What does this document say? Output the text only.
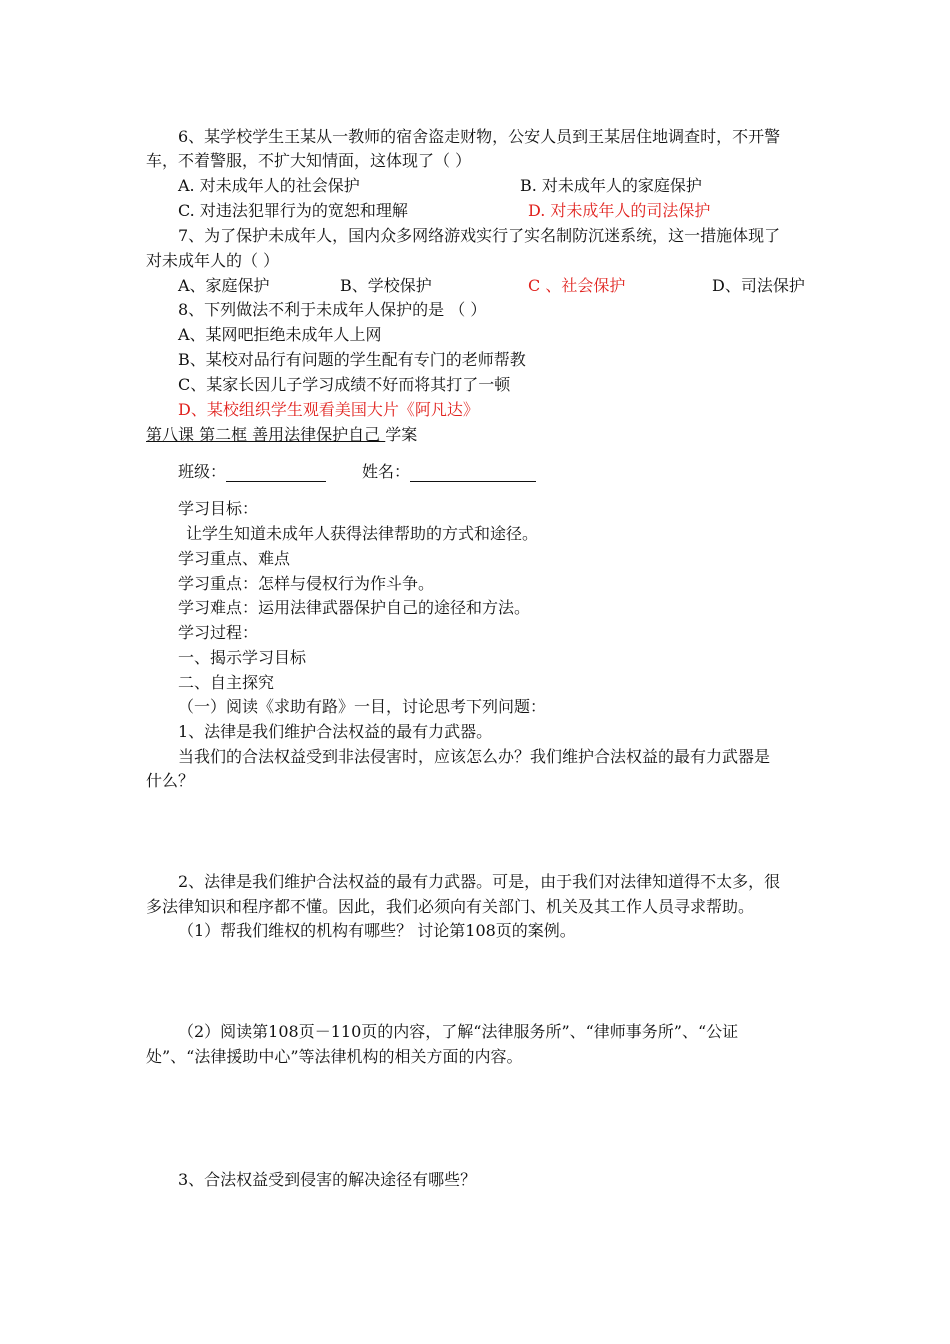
6、某学校学生王某从一教师的宿舍盗走财物，公安人员到王某居住地调查时，不开警
车，不着警服，不扩大知情面，这体现了（ ）
A. 对未成年人的社会保护	B. 对未成年人的家庭保护
C. 对违法犯罪行为的宽恕和理解	D. 对未成年人的司法保护
7、为了保护未成年人，国内众多网络游戏实行了实名制防沉迷系统，这一措施体现了
对未成年人的（ ）
A、家庭保护	B、学校保护	C 、社会保护	D、司法保护
8、下列做法不利于未成年人保护的是 （ ）
A、某网吧拒绝未成年人上网
B、某校对品行有问题的学生配有专门的老师帮教
C、某家长因儿子学习成绩不好而将其打了一顿
D、某校组织学生观看美国大片《阿凡达》
第八课 第二框 善用法律保护自己 学案
班级：	姓名：
学习目标：
让学生知道未成年人获得法律帮助的方式和途径。
学习重点、难点
学习重点：怎样与侵权行为作斗争。
学习难点：运用法律武器保护自己的途径和方法。
学习过程：
一、揭示学习目标
二、自主探究
（一）阅读《求助有路》一目，讨论思考下列问题：
1、法律是我们维护合法权益的最有力武器。
当我们的合法权益受到非法侵害时，应该怎么办？我们维护合法权益的最有力武器是
什么？
2、法律是我们维护合法权益的最有力武器。可是，由于我们对法律知道得不太多，很
多法律知识和程序都不懂。因此，我们必须向有关部门、机关及其工作人员寻求帮助。
（1）帮我们维权的机构有哪些？ 讨论第108页的案例。
（2）阅读第108页－110页的内容，了解“法律服务所”、“律师事务所”、“公证
处”、“法律援助中心”等法律机构的相关方面的内容。
3、合法权益受到侵害的解决途径有哪些？
